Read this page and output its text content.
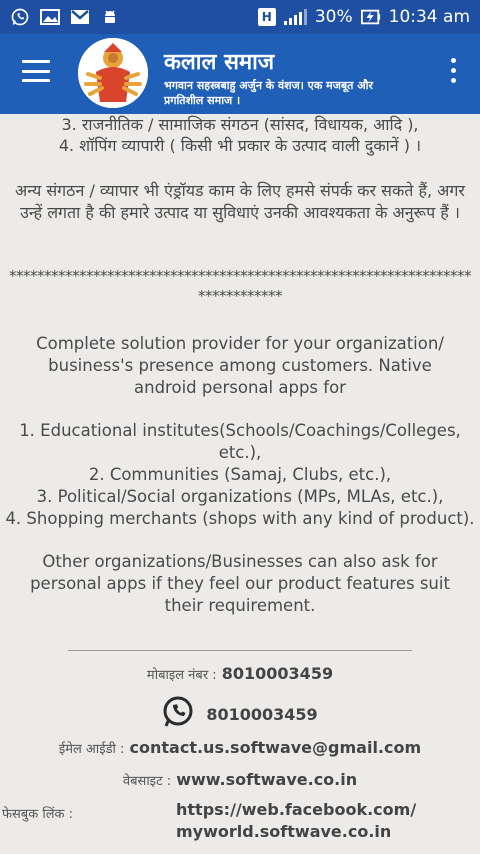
H	30% 10:34 am
कलाल समाज
भगवान सहस्त्रबाहु अर्जुन के वंशज। एक मजबूत और प्रगतिशील समाज ।
3. राजनीतिक / सामाजिक संगठन (सांसद, विधायक, आदि ),
4. शॉपिंग व्यापारी ( किसी भी प्रकार के उत्पाद वाली दुकानें ) ।
अन्य संगठन / व्यापार भी एंड्रॉयड काम के लिए हमसे संपर्क कर सकते हैं, अगर उन्हें लगता है की हमारे उत्पाद या सुविधाएं उनकी आवश्यकता के अनुरूप हैं ।
******************************************************************************
Complete solution provider for your organization/ business's presence among customers. Native android personal apps for
1. Educational institutes(Schools/Coachings/Colleges, etc.),
2. Communities (Samaj, Clubs, etc.),
3. Political/Social organizations (MPs, MLAs, etc.),
4. Shopping merchants (shops with any kind of product).
Other organizations/Businesses can also ask for personal apps if they feel our product features suit their requirement.
मोबाइल नंबर : 8010003459
8010003459
ईमेल आईडी : contact.us.softwave@gmail.com
वेबसाइट : www.softwave.co.in
फेसबुक लिंक :	https://web.facebook.com/
myworld.softwave.co.in
